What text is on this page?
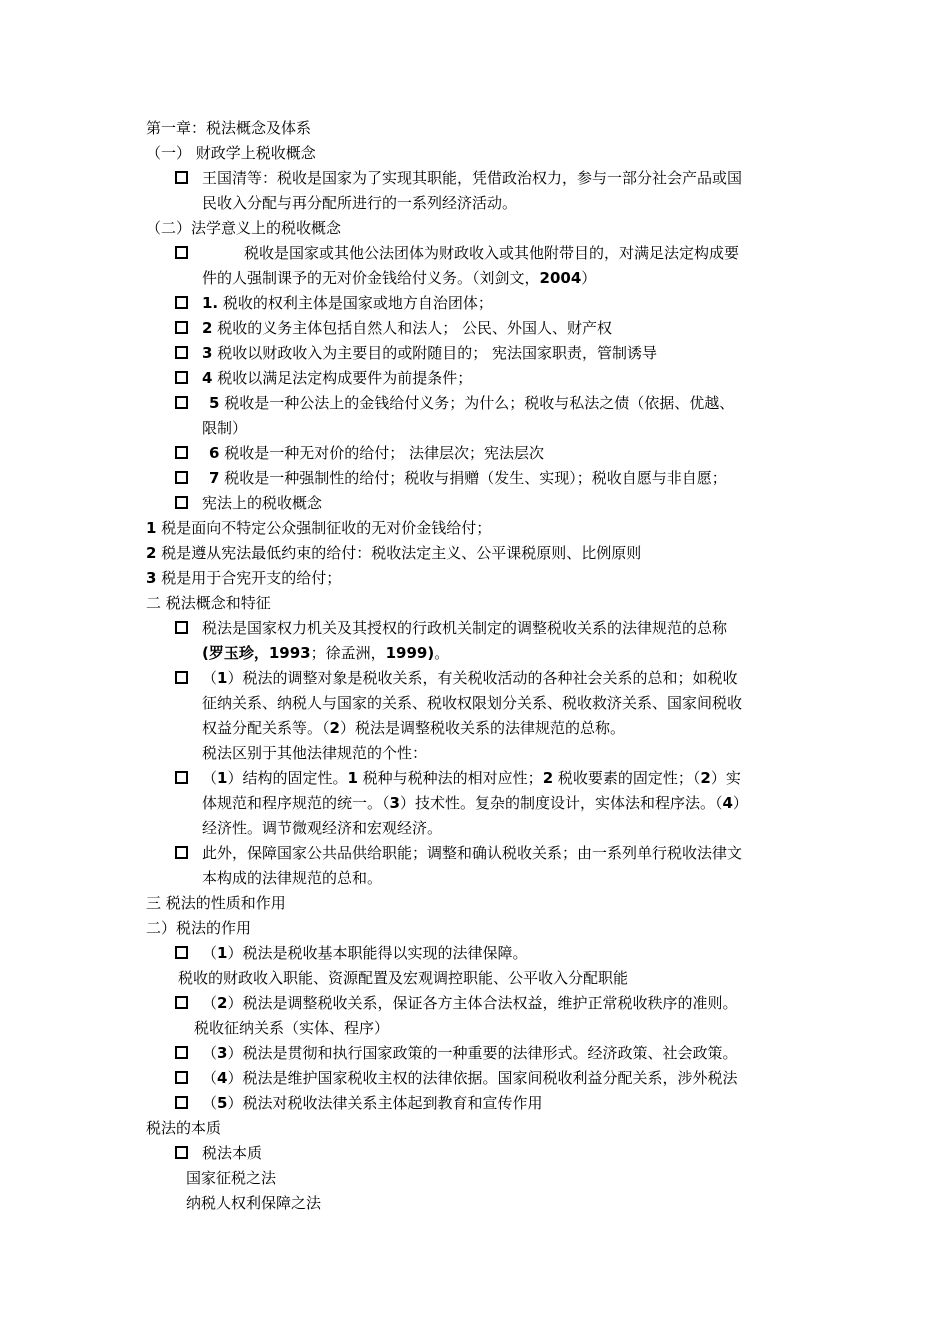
第一章：税法概念及体系
（一） 财政学上税收概念
王国清等：税收是国家为了实现其职能，凭借政治权力，参与一部分社会产品或国
民收入分配与再分配所进行的一系列经济活动。
（二）法学意义上的税收概念
税收是国家或其他公法团体为财政收入或其他附带目的，对满足法定构成要
件的人强制课予的无对价金钱给付义务。（刘剑文，2004）
1. 税收的权利主体是国家或地方自治团体；
2 税收的义务主体包括自然人和法人； 公民、外国人、财产权
3 税收以财政收入为主要目的或附随目的； 宪法国家职责，管制诱导
4 税收以满足法定构成要件为前提条件；
5 税收是一种公法上的金钱给付义务；为什么；税收与私法之债（依据、优越、
限制）
6 税收是一种无对价的给付； 法律层次；宪法层次
7 税收是一种强制性的给付；税收与捐赠（发生、实现）；税收自愿与非自愿；
宪法上的税收概念
1 税是面向不特定公众强制征收的无对价金钱给付；
2 税是遵从宪法最低约束的给付：税收法定主义、公平课税原则、比例原则
3 税是用于合宪开支的给付；
二 税法概念和特征
税法是国家权力机关及其授权的行政机关制定的调整税收关系的法律规范的总称
(罗玉珍，1993；徐孟洲，1999)。
（1）税法的调整对象是税收关系，有关税收活动的各种社会关系的总和；如税收
征纳关系、纳税人与国家的关系、税收权限划分关系、税收救济关系、国家间税收
权益分配关系等。（2）税法是调整税收关系的法律规范的总称。
税法区别于其他法律规范的个性：
（1）结构的固定性。1 税种与税种法的相对应性；2 税收要素的固定性；（2）实
体规范和程序规范的统一。（3）技术性。复杂的制度设计，实体法和程序法。（4）
经济性。调节微观经济和宏观经济。
此外，保障国家公共品供给职能；调整和确认税收关系；由一系列单行税收法律文
本构成的法律规范的总和。
三 税法的性质和作用
二）税法的作用
（1）税法是税收基本职能得以实现的法律保障。
税收的财政收入职能、资源配置及宏观调控职能、公平收入分配职能
（2）税法是调整税收关系，保证各方主体合法权益，维护正常税收秩序的准则。
税收征纳关系（实体、程序）
（3）税法是贯彻和执行国家政策的一种重要的法律形式。经济政策、社会政策。
（4）税法是维护国家税收主权的法律依据。国家间税收利益分配关系，涉外税法
（5）税法对税收法律关系主体起到教育和宣传作用
税法的本质
税法本质
国家征税之法
纳税人权利保障之法
